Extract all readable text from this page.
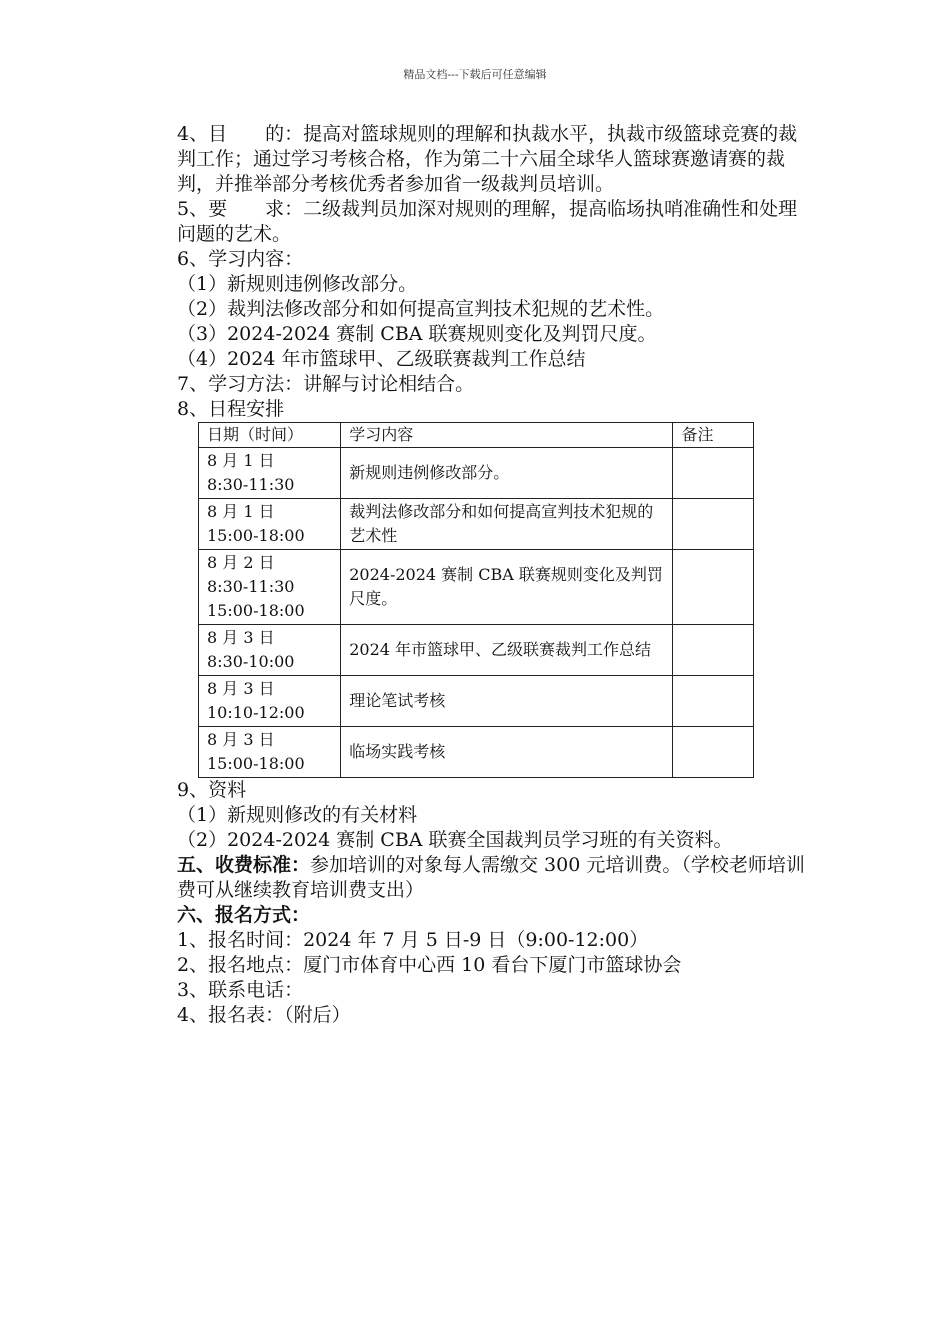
精品文档---下载后可任意编辑

4、目　　的：提高对篮球规则的理解和执裁水平，执裁市级篮球竞赛的裁判工作；通过学习考核合格，作为第二十六届全球华人篮球赛邀请赛的裁判，并推举部分考核优秀者参加省一级裁判员培训。

5、要　　求：二级裁判员加深对规则的理解，提高临场执哨准确性和处理问题的艺术。

6、学习内容：

（1）新规则违例修改部分。

（2）裁判法修改部分和如何提高宣判技术犯规的艺术性。

（3）2024-2024 赛制 CBA 联赛规则变化及判罚尺度。

（4）2024 年市篮球甲、乙级联赛裁判工作总结

7、学习方法：讲解与讨论相结合。

8、日程安排

日期（时间）	学习内容	备注

8 月 1 日
8:30-11:30	新规则违例修改部分。	

8 月 1 日
15:00-18:00	裁判法修改部分和如何提高宣判技术犯规的艺术性	

8 月 2 日
8:30-11:30
15:00-18:00	2024-2024 赛制 CBA 联赛规则变化及判罚尺度。	

8 月 3 日
8:30-10:00	2024 年市篮球甲、乙级联赛裁判工作总结	

8 月 3 日
10:10-12:00	理论笔试考核	

8 月 3 日
15:00-18:00	临场实践考核	

9、资料

（1）新规则修改的有关材料

（2）2024-2024 赛制 CBA 联赛全国裁判员学习班的有关资料。

五、收费标准：参加培训的对象每人需缴交 300 元培训费。（学校老师培训费可从继续教育培训费支出）

六、报名方式：

1、报名时间：2024 年 7 月 5 日-9 日（9:00-12:00）

2、报名地点：厦门市体育中心西 10 看台下厦门市篮球协会

3、联系电话：

4、报名表：（附后）
